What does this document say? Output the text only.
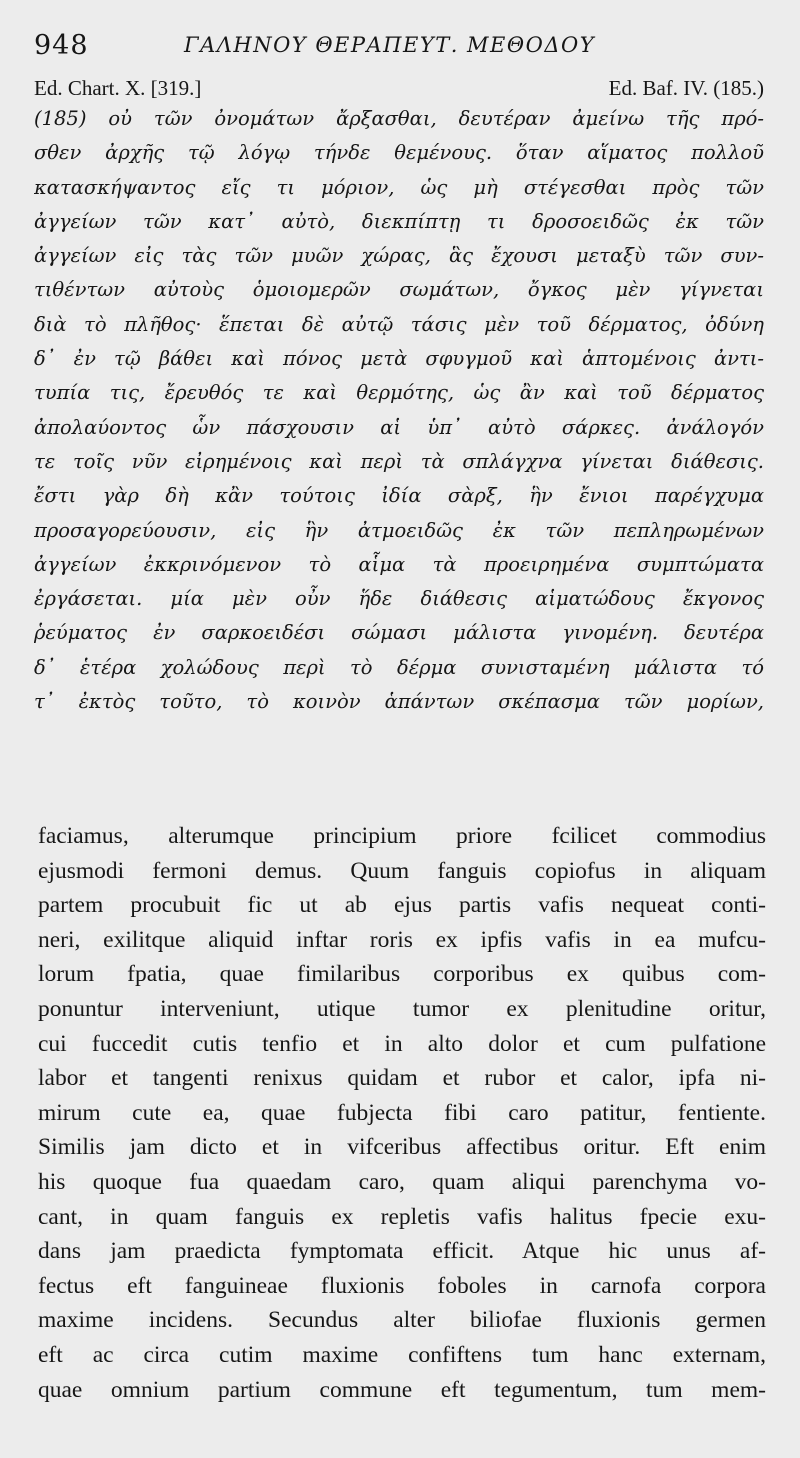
948	ΓΑΛΗΝΟΥ ΘΕΡΑΠΕΥΤ. ΜΕΘΟΔΟΥ
Ed. Chart. X. [319.]	Ed. Baf. IV. (185.)
(185) οὐ τῶν ὀνομάτων ἄρξασθαι, δευτέραν ἀμείνω τῆς πρό-
σθεν ἀρχῆς τῷ λόγῳ τήνδε θεμένους. ὅταν αἵματος πολλοῦ
κατασκήψαντος εἴς τι μόριον, ὡς μὴ στέγεσθαι πρὸς τῶν
ἀγγείων τῶν κατ᾽ αὐτὸ, διεκπίπτῃ τι δροσοειδῶς ἐκ τῶν
ἀγγείων εἰς τὰς τῶν μυῶν χώρας, ἃς ἔχουσι μεταξὺ τῶν συν-
τιθέντων αὐτοὺς ὁμοιομερῶν σωμάτων, ὄγκος μὲν γίγνεται
διὰ τὸ πλῆθος· ἕπεται δὲ αὐτῷ τάσις μὲν τοῦ δέρματος, ὀδύνη
δ᾽ ἐν τῷ βάθει καὶ πόνος μετὰ σφυγμοῦ καὶ ἁπτομένοις ἀντι-
τυπία τις, ἔρευθός τε καὶ θερμότης, ὡς ἂν καὶ τοῦ δέρματος
ἀπολαύοντος ὧν πάσχουσιν αἱ ὑπ᾽ αὐτὸ σάρκες. ἀνάλογόν
τε τοῖς νῦν εἰρημένοις καὶ περὶ τὰ σπλάγχνα γίνεται διάθεσις.
ἔστι γὰρ δὴ κἂν τούτοις ἰδία σὰρξ, ἣν ἔνιοι παρέγχυμα
προσαγορεύουσιν, εἰς ἣν ἀτμοειδῶς ἐκ τῶν πεπληρωμένων
ἀγγείων ἐκκρινόμενον τὸ αἷμα τὰ προειρημένα συμπτώματα
ἐργάσεται. μία μὲν οὖν ἥδε διάθεσις αἱματώδους ἔκγονος
ῥεύματος ἐν σαρκοειδέσι σώμασι μάλιστα γινομένη. δευτέρα
δ᾽ ἑτέρα χολώδους περὶ τὸ δέρμα συνισταμένη μάλιστα τό
τ᾽ ἐκτὸς τοῦτο, τὸ κοινὸν ἁπάντων σκέπασμα τῶν μορίων,
faciamus, alterumque principium priore fcilicet commodius
ejusmodi fermoni demus. Quum fanguis copiofus in aliquam
partem procubuit fic ut ab ejus partis vafis nequeat conti-
neri, exilitque aliquid inftar roris ex ipfis vafis in ea mufcu-
lorum fpatia, quae fimilaribus corporibus ex quibus com-
ponuntur interveniunt, utique tumor ex plenitudine oritur,
cui fuccedit cutis tenfio et in alto dolor et cum pulfatione
labor et tangenti renixus quidam et rubor et calor, ipfa ni-
mirum cute ea, quae fubjecta fibi caro patitur, fentiente.
Similis jam dicto et in vifceribus affectibus oritur. Eft enim
his quoque fua quaedam caro, quam aliqui parenchyma vo-
cant, in quam fanguis ex repletis vafis halitus fpecie exu-
dans jam praedicta fymptomata efficit. Atque hic unus af-
fectus eft fanguineae fluxionis foboles in carnofa corpora
maxime incidens. Secundus alter biliofae fluxionis germen
eft ac circa cutim maxime confiftens tum hanc externam,
quae omnium partium commune eft tegumentum, tum mem-
